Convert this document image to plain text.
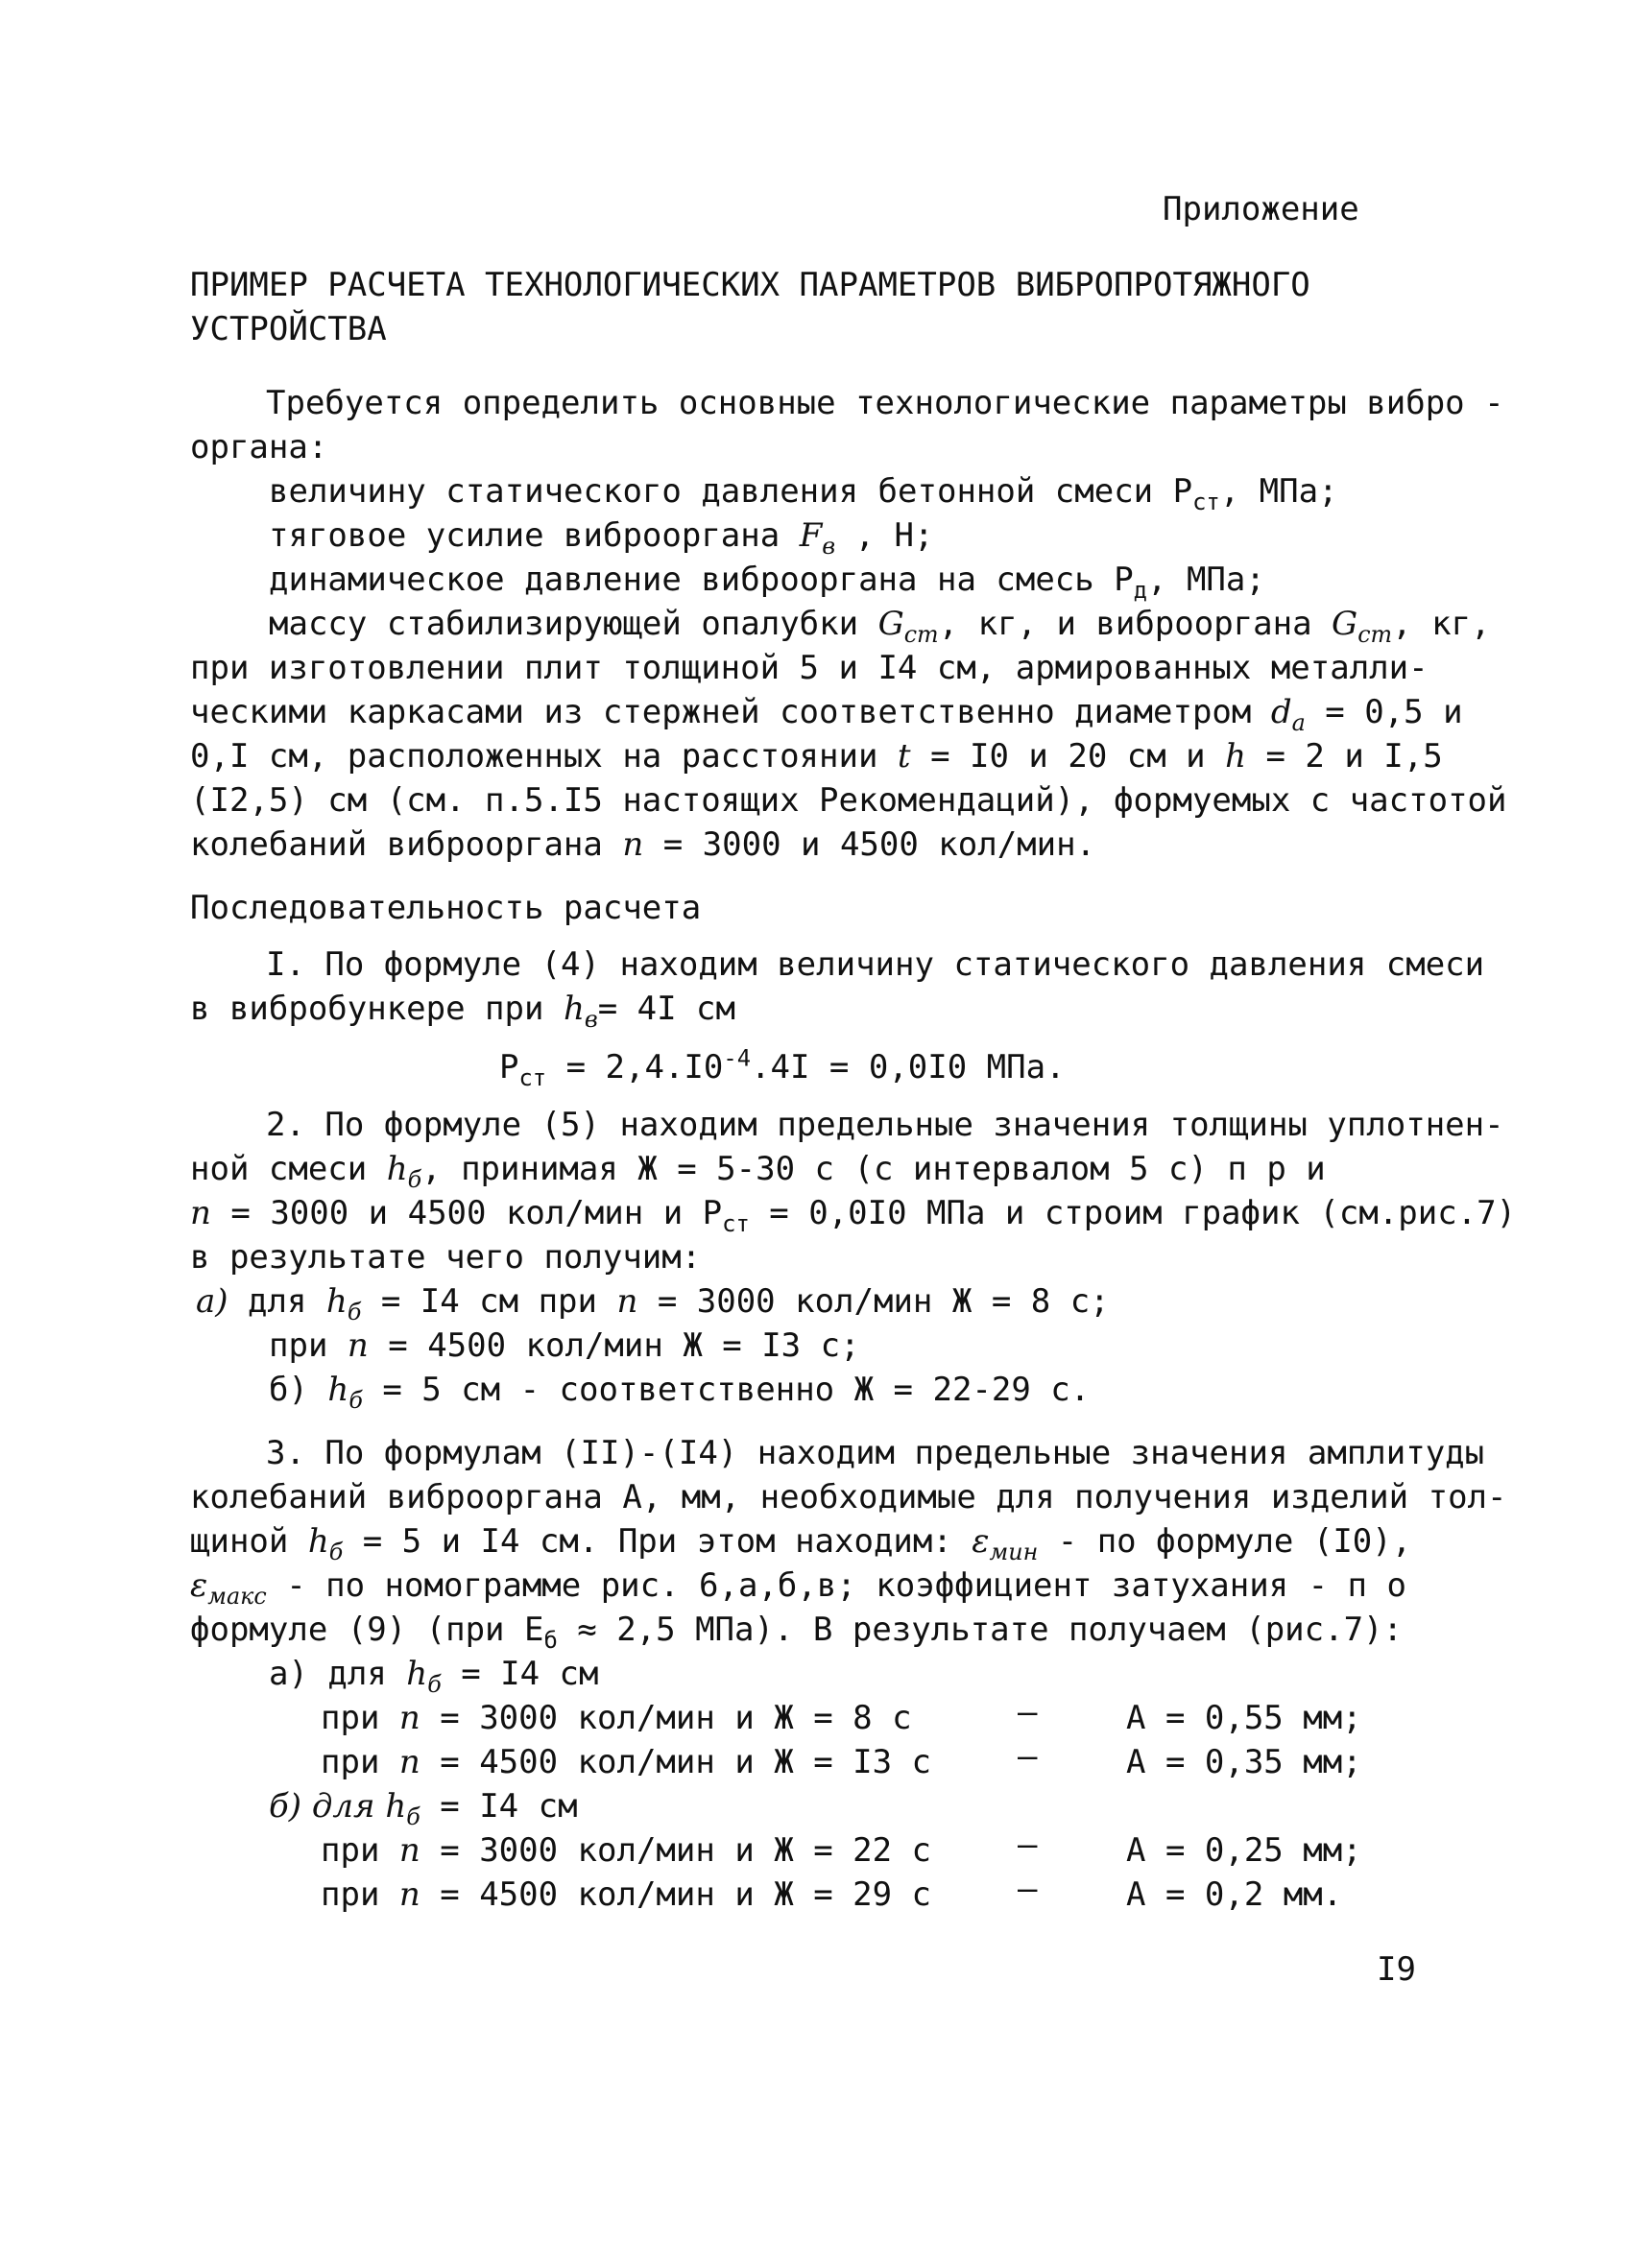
Приложение
ПРИМЕР РАСЧЕТА ТЕХНОЛОГИЧЕСКИХ ПАРАМЕТРОВ ВИБРОПРОТЯЖНОГО
УСТРОЙСТВА
Требуется определить основные технологические параметры вибро -
органа:
величину статического давления бетонной смеси $Р_{ст}$, МПа;
тяговое усилие виброоргана $F_в$ , Н;
динамическое давление виброоргана на смесь $Р_д$, МПа;
массу стабилизирующей опалубки $G_{cm}$, кг, и виброоргана $G_{cm}$, кг,
при изготовлении плит толщиной 5 и I4 см, армированных металли-
ческими каркасами из стержней соответственно диаметром $d_a = 0,5$ и
0,I см, расположенных на расстоянии t = I0 и 20 см и h = 2 и I,5
(I2,5) см (см. п.5.I5 настоящих Рекомендаций), формуемых с частотой
колебаний виброоргана n = 3000 и 4500 кол/мин.
Последовательность расчета
I. По формуле (4) находим величину статического давления смеси
в вибробункере при $h_в= 4I$ см
$Р_{ст} = 2,4.I0^{-4}.4I = 0,0I0$ МПа.
2. По формуле (5) находим предельные значения толщины уплотнен-
ной смеси $h_б$, принимая Ж = 5-30 с (с интервалом 5 с) п р и
n = 3000 и 4500 кол/мин и $Р_{ст} = 0,0I0$ МПа и строим график (см.рис.7)
в результате чего получим:
а) для $h_б = I4$ см при n = 3000 кол/мин Ж = 8 с;
при n = 4500 кол/мин Ж = I3 с;
б) $h_б = 5$ см - соответственно Ж = 22-29 с.
3. По формулам (II)-(I4) находим предельные значения амплитуды
колебаний виброоргана А, мм, необходимые для получения изделий тол-
щиной $h_б = 5$ и I4 см. При этом находим: $\varepsilon_{мин}$ - по формуле (I0),
$\varepsilon_{макс}$ - по номограмме рис. 6,а,б,в; коэффициент затухания - п о
формуле (9) (при $Е_б \approx 2,5$ МПа). В результате получаем (рис.7):
а) для $h_б = I4$ см
при n = 3000 кол/мин и Ж = 8 с	–	А = 0,55 мм;
при n = 4500 кол/мин и Ж = I3 с	–	А = 0,35 мм;
б) для $h_б = I4$ см
при n = 3000 кол/мин и Ж = 22 с	–	А = 0,25 мм;
при n = 4500 кол/мин и Ж = 29 с	–	А = 0,2 мм.
I9
